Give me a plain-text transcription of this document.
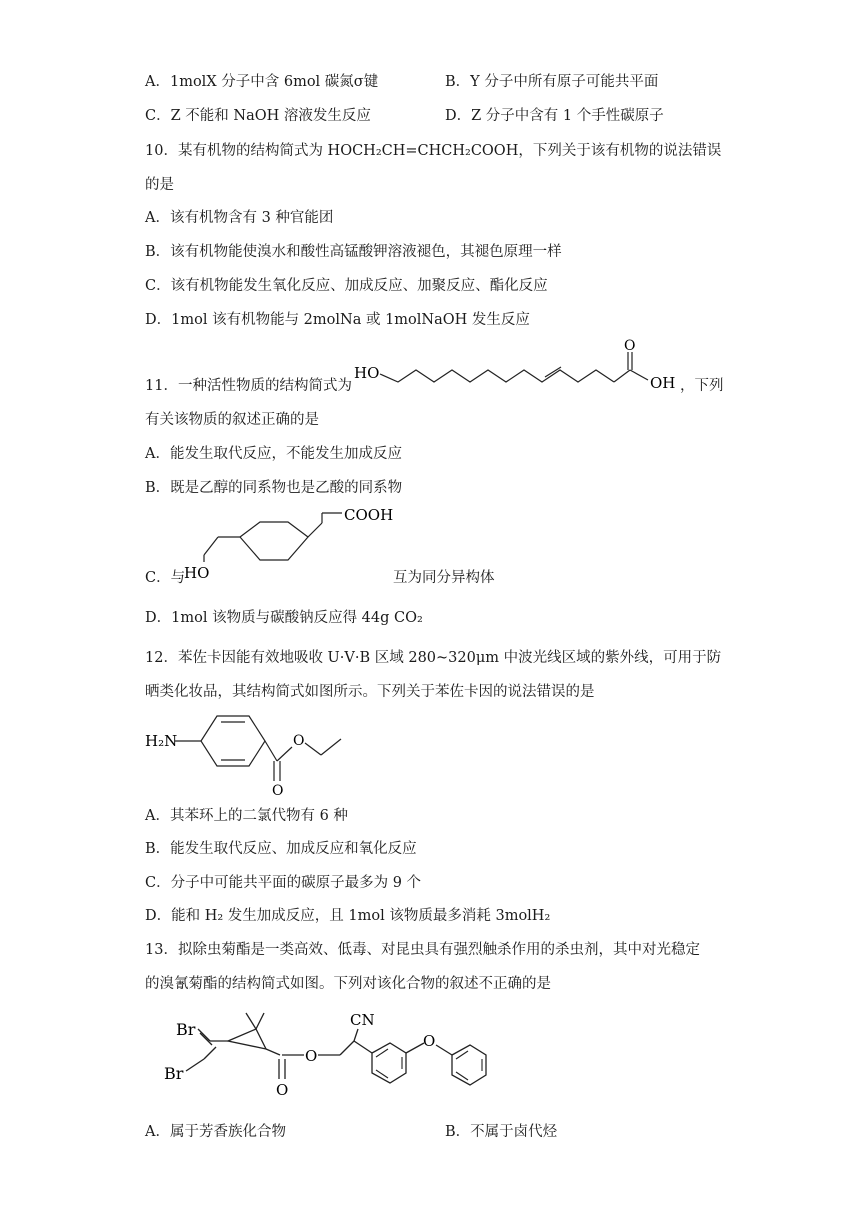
A．1molX 分子中含 6mol 碳氮σ键	B．Y 分子中所有原子可能共平面
C．Z 不能和 NaOH 溶液发生反应	D．Z 分子中含有 1 个手性碳原子
10．某有机物的结构简式为 HOCH₂CH=CHCH₂COOH，下列关于该有机物的说法错误
的是
A．该有机物含有 3 种官能团
B．该有机物能使溴水和酸性高锰酸钾溶液褪色，其褪色原理一样
C．该有机物能发生氧化反应、加成反应、加聚反应、酯化反应
D．1mol 该有机物能与 2molNa 或 1molNaOH 发生反应
11．一种活性物质的结构简式为
HO
O
OH ，下列
有关该物质的叙述正确的是
A．能发生取代反应，不能发生加成反应
B．既是乙醇的同系物也是乙酸的同系物
COOH
HO
C．与	互为同分异构体
D．1mol 该物质与碳酸钠反应得 44g CO₂
12．苯佐卡因能有效地吸收 U·V·B 区域 280~320μm 中波光线区域的紫外线，可用于防
晒类化妆品，其结构简式如图所示。下列关于苯佐卡因的说法错误的是
H₂N
O
O
A．其苯环上的二氯代物有 6 种
B．能发生取代反应、加成反应和氧化反应
C．分子中可能共平面的碳原子最多为 9 个
D．能和 H₂ 发生加成反应，且 1mol 该物质最多消耗 3molH₂
13．拟除虫菊酯是一类高效、低毒、对昆虫具有强烈触杀作用的杀虫剂，其中对光稳定
的溴氰菊酯的结构简式如图。下列对该化合物的叙述不正确的是
Br
Br
O
O
CN
O
A．属于芳香族化合物	B．不属于卤代烃
